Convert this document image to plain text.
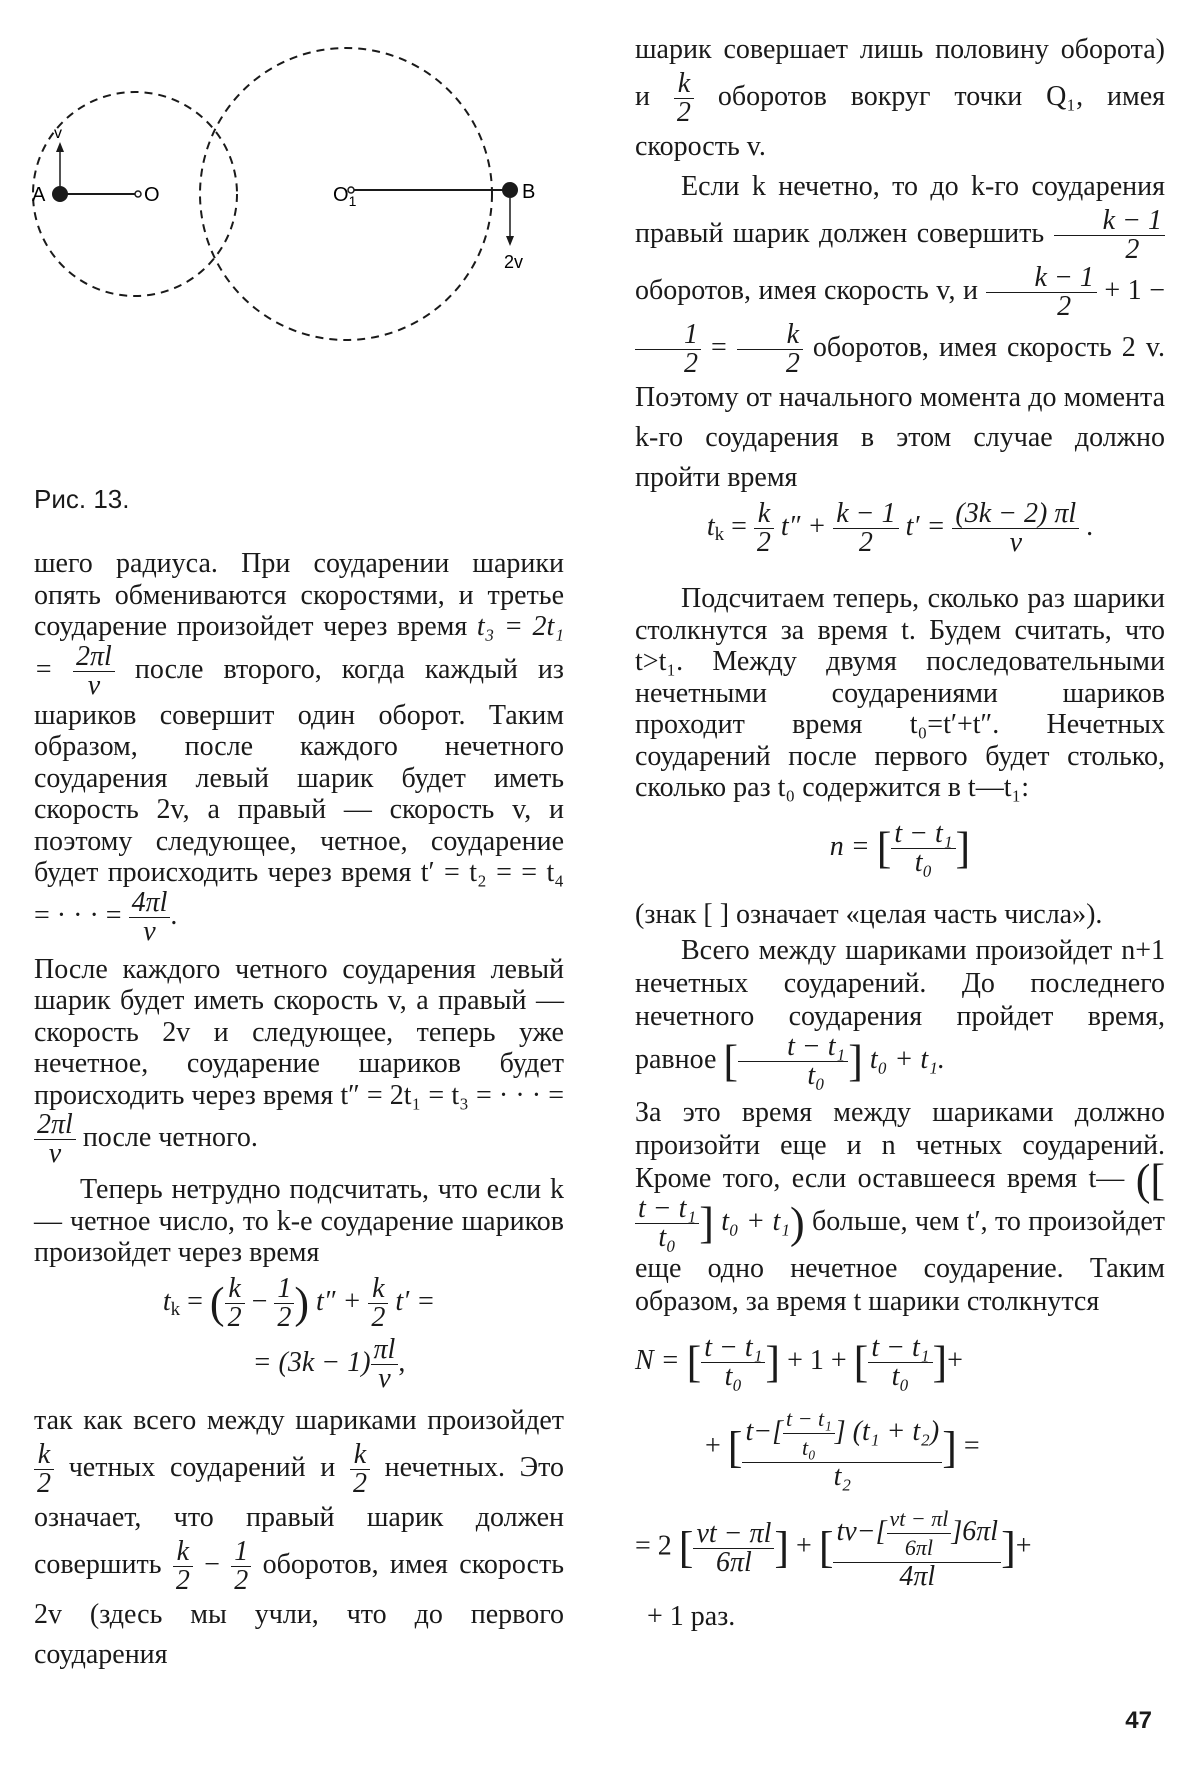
v
A	O	$O_1$	B
2v
Рис. 13.

шего радиуса. При соударении шарики опять обмениваются скоростями, и третье соударение произойдет через время $t_3 = 2t_1 = \frac{2\pi l}{v}$ после второго, когда каждый из шариков совершит один оборот. Таким образом, после каждого нечетного соударения левый шарик будет иметь скорость 2v, а правый — скорость v, и поэтому следующее, четное, соударение будет происходить через время t′ = t₂ = = t₄ = · · · = $\frac{4\pi l}{v}$ .

После каждого четного соударения левый шарик будет иметь скорость v, а правый — скорость 2v и следующее, теперь уже нечетное, соударение шариков будет происходить через время t″ = 2t₁ = t₃ = · · · =
$\frac{2\pi l}{v}$ после четного.

Теперь нетрудно подсчитать, что если k — четное число, то k-е соударение шариков произойдет через время

$t_k$ = ( $\frac{k}{2} - \frac{1}{2}$ ) $t'' + \frac{k}{2} t'$ =
= $(3k - 1) \frac{\pi l}{v}$ ,

так как всего между шариками произойдет
$\frac{k}{2}$ четных соударений и $\frac{k}{2}$ нечетных. Это означает, что правый шарик должен совершить $\frac{k}{2} - \frac{1}{2}$ оборотов, имея скорость 2v (здесь мы учли, что до первого соударения

шарик совершает лишь половину оборота) и $\frac{k}{2}$ оборотов вокруг точки Q₁, имея скорость v.

Если k нечетно, то до k-го соударения правый шарик должен совершить $\frac{k - 1}{2}$
оборотов, имея скорость v, и $\frac{k - 1}{2} + 1$ −
$\frac{1}{2} = \frac{k}{2}$ оборотов, имея скорость 2 v. Поэтому от начального момента до момента k-го соударения в этом случае должно пройти время

$t_k = \frac{k}{2} t'' + \frac{k - 1}{2} t' = \frac{(3k - 2) \pi l}{v}$ .

Подсчитаем теперь, сколько раз шарики столкнутся за время t. Будем считать, что t>t₁. Между двумя последовательными нечетными соударениями шариков проходит время t₀=t′+t″. Нечетных соударений после первого будет столько, сколько раз t₀ содержится в t—t₁:

n = [ $\frac{\text{t − t₁}}{\text{t₀}}$ ]

(знак [ ] означает «целая часть числа»).

Всего между шариками произойдет n+1 нечетных соударений. До последнего нечетного соударения пройдет время, равное [ $\frac{\text{t − t₁}}{\text{t₀}}$ ] t₀ + t₁.

За это время между шариками должно произойти еще и n четных соударений. Кроме того, если оставшееся время t— ([
$\frac{\text{t − t₁}}{\text{t₀}}$ ] t₀ + t₁) больше, чем t′, то произойдет еще одно нечетное соударение. Таким образом, за время t шарики столкнутся

N = [ $\frac{\text{t − t₁}}{\text{t₀}}$ ] + 1 + [ $\frac{\text{t − t₁}}{\text{t₀}}$ ]+
+ [ $\frac{t-[ \frac{\text{t − t₁}}{\text{t₀}} ] (t_1 + t_2)}{\text{t₂}}$ ] =
= 2 [ $\frac{vt - \pi l}{6\pi l}$ ] + [ $\frac{tv-[ \frac{vt - \pi l}{6\pi l} ]6\pi l}{4\pi l}$ ]+

+ 1 раз.

47
